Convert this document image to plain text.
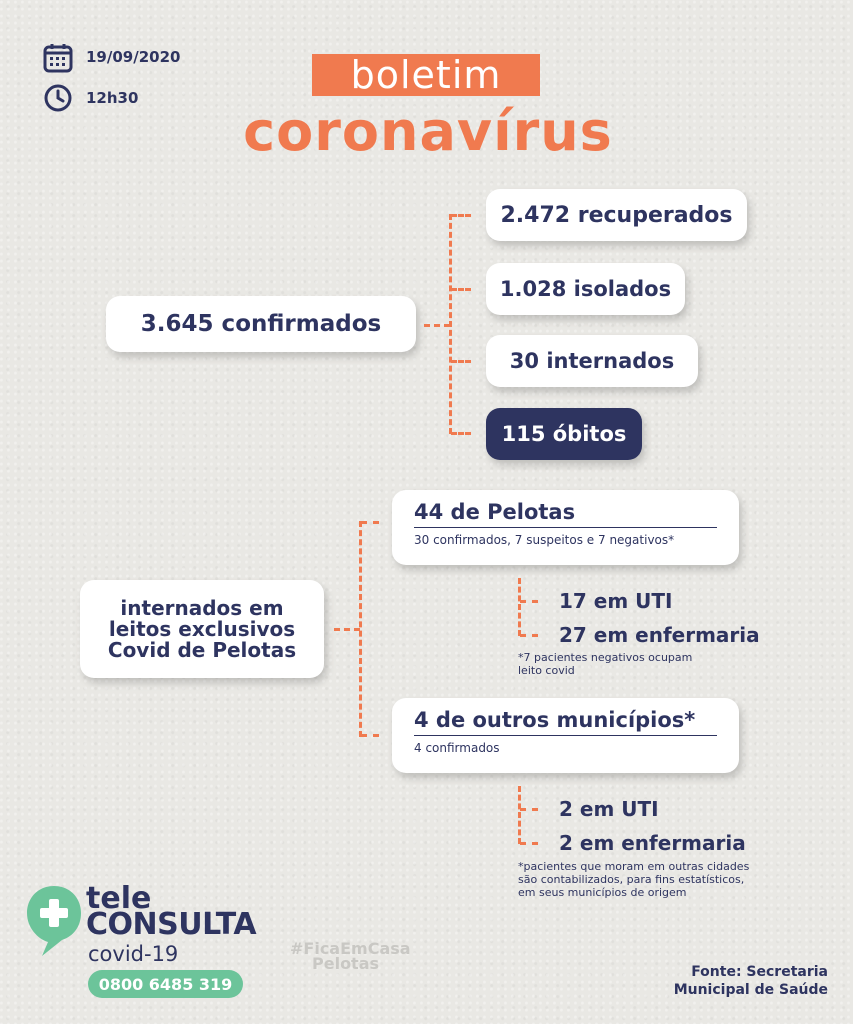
19/09/2020
12h30
boletim
coronavírus
3.645 confirmados
2.472 recuperados
1.028 isolados
30 internados
115 óbitos
internados em
leitos exclusivos
Covid de Pelotas
44 de Pelotas
30 confirmados, 7 suspeitos e 7 negativos*
17 em UTI
27 em enfermaria
*7 pacientes negativos ocupam
leito covid
4 de outros municípios*
4 confirmados
2 em UTI
2 em enfermaria
*pacientes que moram em outras cidades
são contabilizados, para fins estatísticos,
em seus municípios de origem
tele
CONSULTA
covid-19
0800 6485 319
#FicaEmCasa
Pelotas	Fonte: Secretaria
Municipal de Saúde
